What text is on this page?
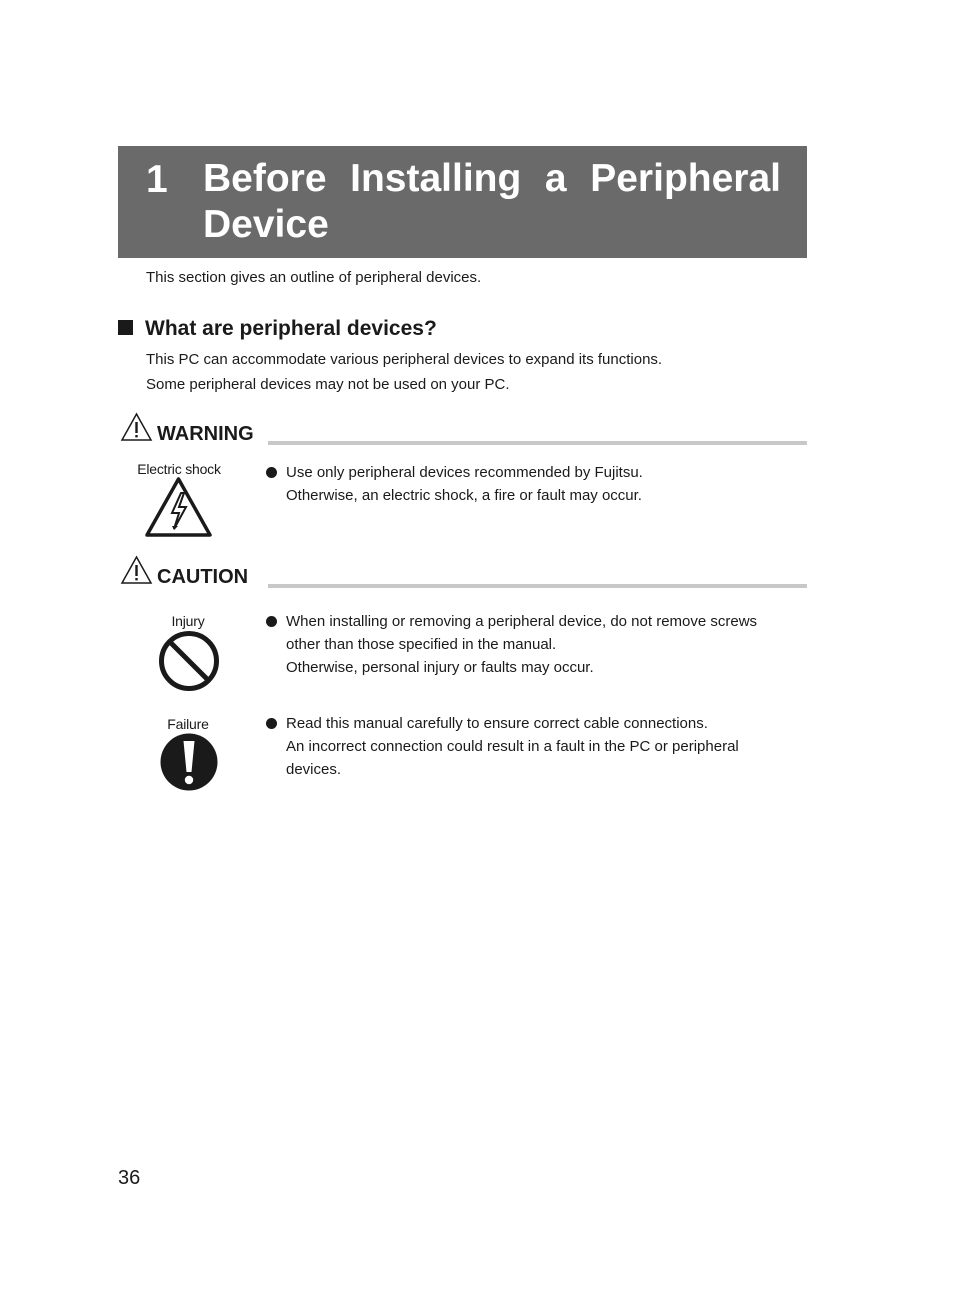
1 Before Installing a Peripheral Device
This section gives an outline of peripheral devices.
What are peripheral devices?
This PC can accommodate various peripheral devices to expand its functions.
Some peripheral devices may not be used on your PC.
WARNING
Electric shock	Use only peripheral devices recommended by Fujitsu.
Otherwise, an electric shock, a fire or fault may occur.
CAUTION
Injury	When installing or removing a peripheral device, do not remove screws
other than those specified in the manual.
Otherwise, personal injury or faults may occur.
Failure	Read this manual carefully to ensure correct cable connections.
An incorrect connection could result in a fault in the PC or peripheral
devices.
36
